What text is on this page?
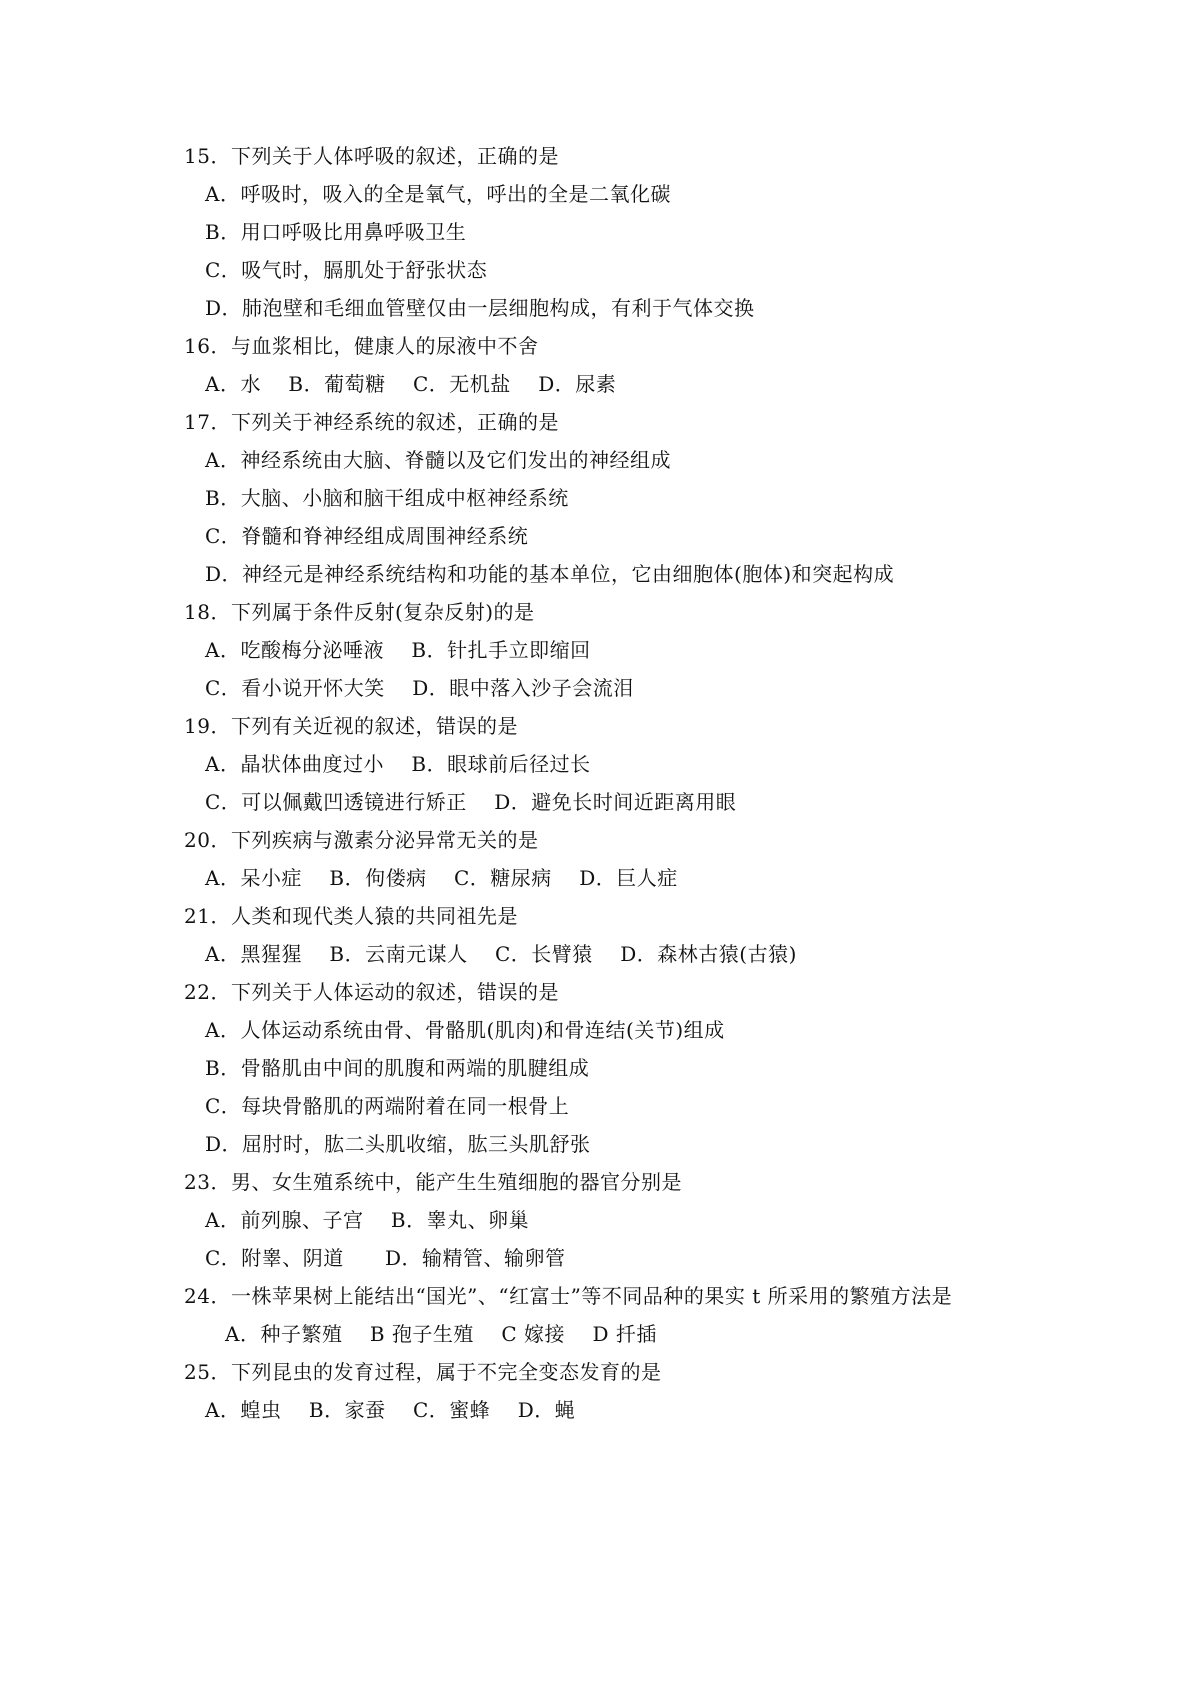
15．下列关于人体呼吸的叙述，正确的是
A．呼吸时，吸入的全是氧气，呼出的全是二氧化碳
B．用口呼吸比用鼻呼吸卫生
C．吸气时，膈肌处于舒张状态
D．肺泡壁和毛细血管壁仅由一层细胞构成，有利于气体交换
16．与血浆相比，健康人的尿液中不舍
A．水    B．葡萄糖    C．无机盐    D．尿素
17．下列关于神经系统的叙述，正确的是
A．神经系统由大脑、脊髓以及它们发出的神经组成
B．大脑、小脑和脑干组成中枢神经系统
C．脊髓和脊神经组成周围神经系统
D．神经元是神经系统结构和功能的基本单位，它由细胞体(胞体)和突起构成
18．下列属于条件反射(复杂反射)的是
A．吃酸梅分泌唾液    B．针扎手立即缩回
C．看小说开怀大笑    D．眼中落入沙子会流泪
19．下列有关近视的叙述，错误的是
A．晶状体曲度过小    B．眼球前后径过长
C．可以佩戴凹透镜进行矫正    D．避免长时间近距离用眼
20．下列疾病与激素分泌异常无关的是
A．呆小症    B．佝偻病    C．糖尿病    D．巨人症
21．人类和现代类人猿的共同祖先是
A．黑猩猩    B．云南元谋人    C．长臂猿    D．森林古猿(古猿)
22．下列关于人体运动的叙述，错误的是
A．人体运动系统由骨、骨骼肌(肌肉)和骨连结(关节)组成
B．骨骼肌由中间的肌腹和两端的肌腱组成
C．每块骨骼肌的两端附着在同一根骨上
D．屈肘时，肱二头肌收缩，肱三头肌舒张
23．男、女生殖系统中，能产生生殖细胞的器官分别是
A．前列腺、子宫    B．睾丸、卵巢
C．附睾、阴道      D．输精管、输卵管
24．一株苹果树上能结出“国光”、“红富士”等不同品种的果实 t 所采用的繁殖方法是
A．种子繁殖    B 孢子生殖    C 嫁接    D 扦插
25．下列昆虫的发育过程，属于不完全变态发育的是
A．蝗虫    B．家蚕    C．蜜蜂    D．蝇
